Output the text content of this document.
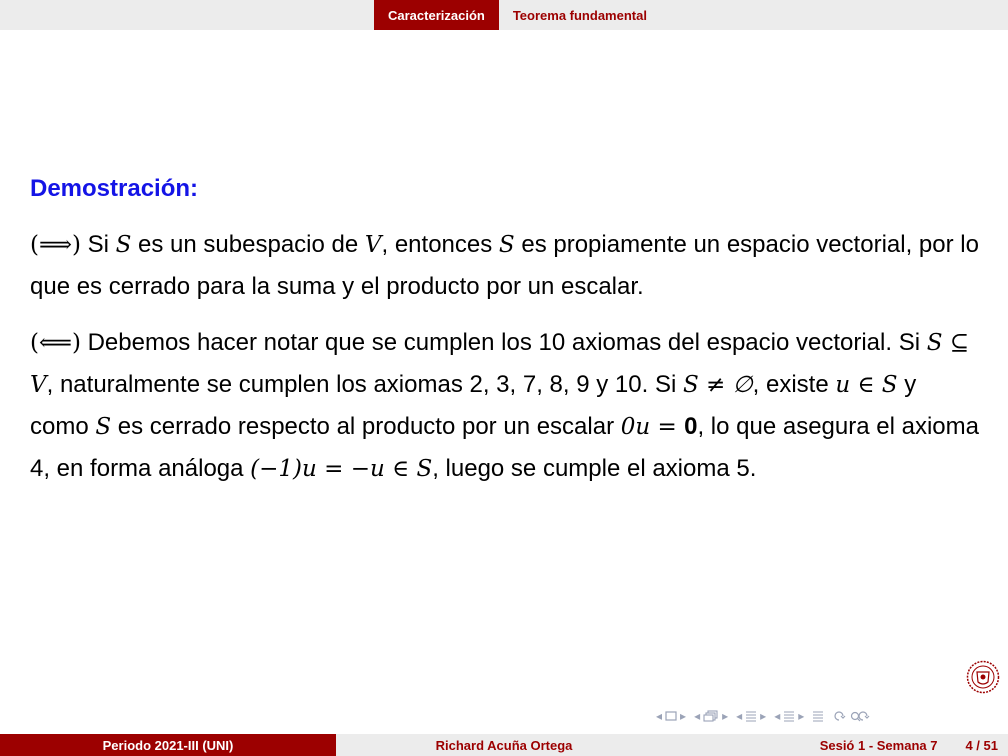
Caracterización	Teorema fundamental
Demostración:
(⟹) Si S es un subespacio de V, entonces S es propiamente un espacio vectorial, por lo que es cerrado para la suma y el producto por un escalar.
(⟸) Debemos hacer notar que se cumplen los 10 axiomas del espacio vectorial. Si S ⊆ V, naturalmente se cumplen los axiomas 2, 3, 7, 8, 9 y 10. Si S ≠ ∅, existe u ∈ S y como S es cerrado respecto al producto por un escalar 0u = 0, lo que asegura el axioma 4, en forma análoga (−1)u = −u ∈ S, luego se cumple el axioma 5.
◂ ▸ ◂ ▸ ◂ ▸ ◂ ▸
Periodo 2021-III (UNI)	Richard Acuña Ortega	Sesió 1 - Semana 7 4 / 51
